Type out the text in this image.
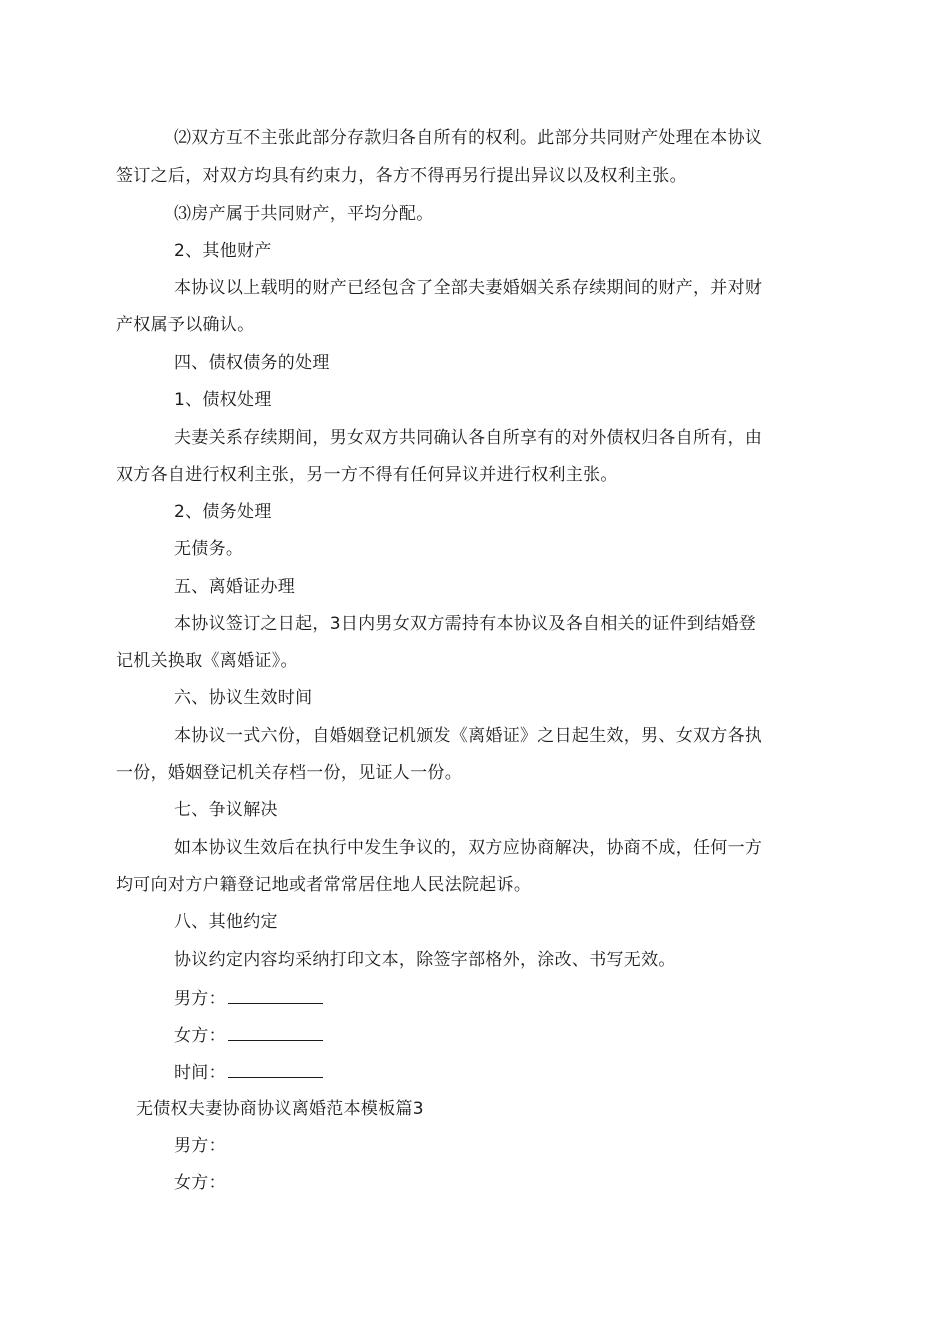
⑵双方互不主张此部分存款归各自所有的权利。此部分共同财产处理在本协议
签订之后，对双方均具有约束力，各方不得再另行提出异议以及权利主张。
⑶房产属于共同财产，平均分配。
2、其他财产
本协议以上载明的财产已经包含了全部夫妻婚姻关系存续期间的财产，并对财
产权属予以确认。
四、债权债务的处理
1、债权处理
夫妻关系存续期间，男女双方共同确认各自所享有的对外债权归各自所有，由
双方各自进行权利主张，另一方不得有任何异议并进行权利主张。
2、债务处理
无债务。
五、离婚证办理
本协议签订之日起，3日内男女双方需持有本协议及各自相关的证件到结婚登
记机关换取《离婚证》。
六、协议生效时间
本协议一式六份，自婚姻登记机颁发《离婚证》之日起生效，男、女双方各执
一份，婚姻登记机关存档一份，见证人一份。
七、争议解决
如本协议生效后在执行中发生争议的，双方应协商解决，协商不成，任何一方
均可向对方户籍登记地或者常常居住地人民法院起诉。
八、其他约定
协议约定内容均采纳打印文本，除签字部格外，涂改、书写无效。
男方：
女方：
时间：
无债权夫妻协商协议离婚范本模板篇3
男方：
女方：
